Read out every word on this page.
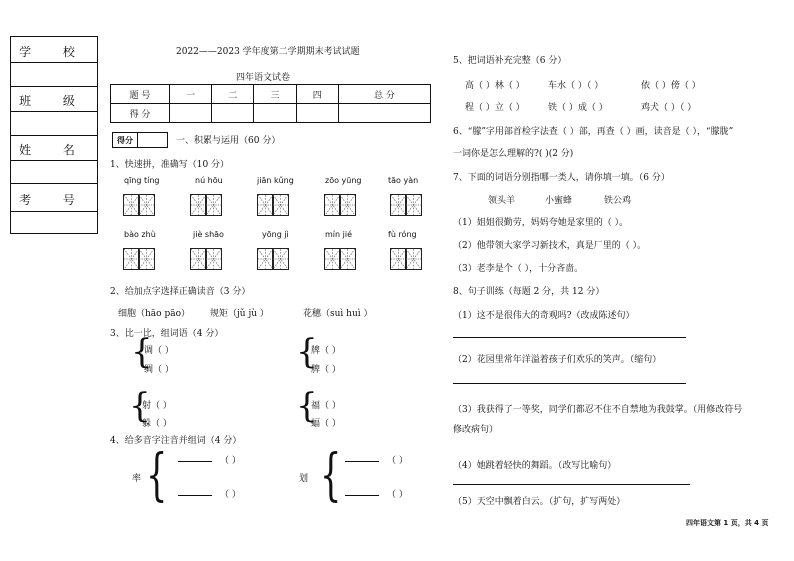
学 校
班 级
姓 名
考 号
2022——2023 学年度第二学期期末考试试题
四年语文试卷
题 号	一	二	三	四	总 分
得 分					
得分	一、积累与运用（60 分）
1、快速拼，准确写（10 分）
qīng tíng	nú hōu	jiān kǔng	zōo yūng	tāo yàn
bào zhù	jiè shāo	yōng jì	mín jié	fù róng
2、给加点字选择正确读音（3 分）
细胞（hāo pāo） 规矩（jǔ jù ）	花穗（suì huì ）
3、比一比，组词语（4 分）
{
调（ ）
绸（ ）	{
牌（ ）
脾（ ）
{
射（ ）
躲（ ）	{
福（ ）
蝠（ ）
4、给多音字注音并组词（4 分）
率 {	（ ）
（ ）
划 {	（ ）
（ ）
5、把词语补充完整（6 分）
高（ ）林（ ）	车水（ ）（ ）	依（ ）傍（ ）
程（ ）立（ ）	铁（ ）成（ ）	鸡犬（ ）（ ）
6、“朦”字用部首检字法查（ ）部，再查（ ）画，读音是（ ），“朦胧”
一词你是怎么理解的?( )(2 分)
7、下面的词语分别指哪一类人，请你填一填。（6 分）
领头羊	小蜜蜂	铁公鸡
（1）姐姐很勤劳，妈妈夸她是家里的（ ）。
（2）他带领大家学习新技术，真是厂里的（ ）。
（3）老李是个（ ），十分吝啬。
8、句子训练（每题 2 分，共 12 分）
（1）这不是很伟大的奇观吗?（改成陈述句）
（2）花园里常年洋溢着孩子们欢乐的笑声。（缩句）
（3）我获得了一等奖，同学们都忍不住不自禁地为我鼓掌。（用修改符号
修改病句）
（4）她跳着轻快的舞蹈。（改写比喻句）
（5）天空中飘着白云。（扩句，扩写两处）
四年语文第 1 页，共 4 页
